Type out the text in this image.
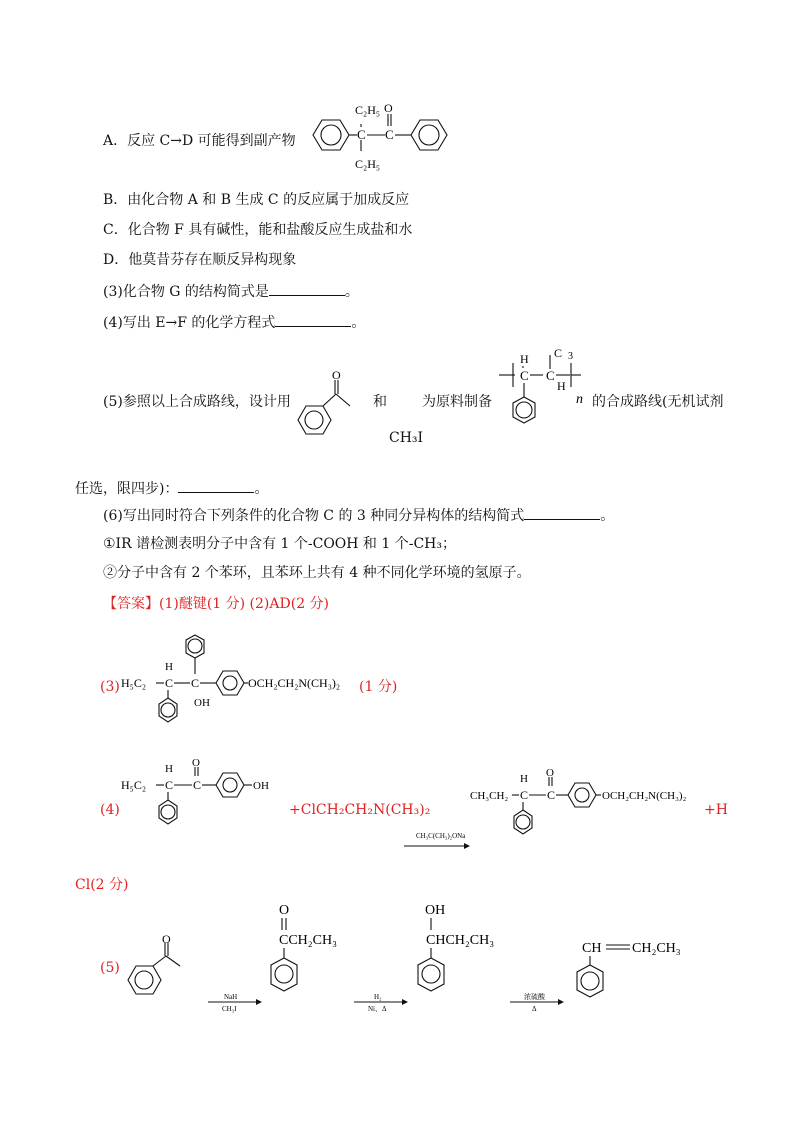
A．反应 C→D 可能得到副产物	C
C₂H₅
C₂H₅
C
O
B．由化合物 A 和 B 生成 C 的反应属于加成反应
C．化合物 F 具有碱性，能和盐酸反应生成盐和水
D．他莫昔芬存在顺反异构现象
(3)化合物 G 的结构简式是	。
(4)写出 E→F 的化学方程式	。
(5)参照以上合成路线，设计用
O
和
CH₃I
为原料制备
H
C C
C 3
H
n 的合成路线(无机试剂
任选，限四步)：	。
(6)写出同时符合下列条件的化合物 C 的 3 种同分异构体的结构简式	。
①IR 谱检测表明分子中含有 1 个-COOH 和 1 个-CH₃；
②分子中含有 2 个苯环，且苯环上共有 4 种不同化学环境的氢原子。
【答案】(1)醚键(1 分) (2)AD(2 分)
(3) H₅C₂ C
H
C
OH
OCH₂CH₂N(CH₃)₂ (1 分)
(4)
H₅C₂ C
H
C
O
OH
+ClCH₂CH₂N(CH₃)₂
CH₃C(CH₃)₂ONa
CH₃CH₂ C
H
C
O
OCH₂CH₂N(CH₃)₂
+H
Cl(2 分)
(5)
O
NaH
CH₃I
O
CCH₂CH₃
H₂
Ni、Δ
OH
CHCH₂CH₃
浓硫酸
Δ
CH CH₂CH₃
